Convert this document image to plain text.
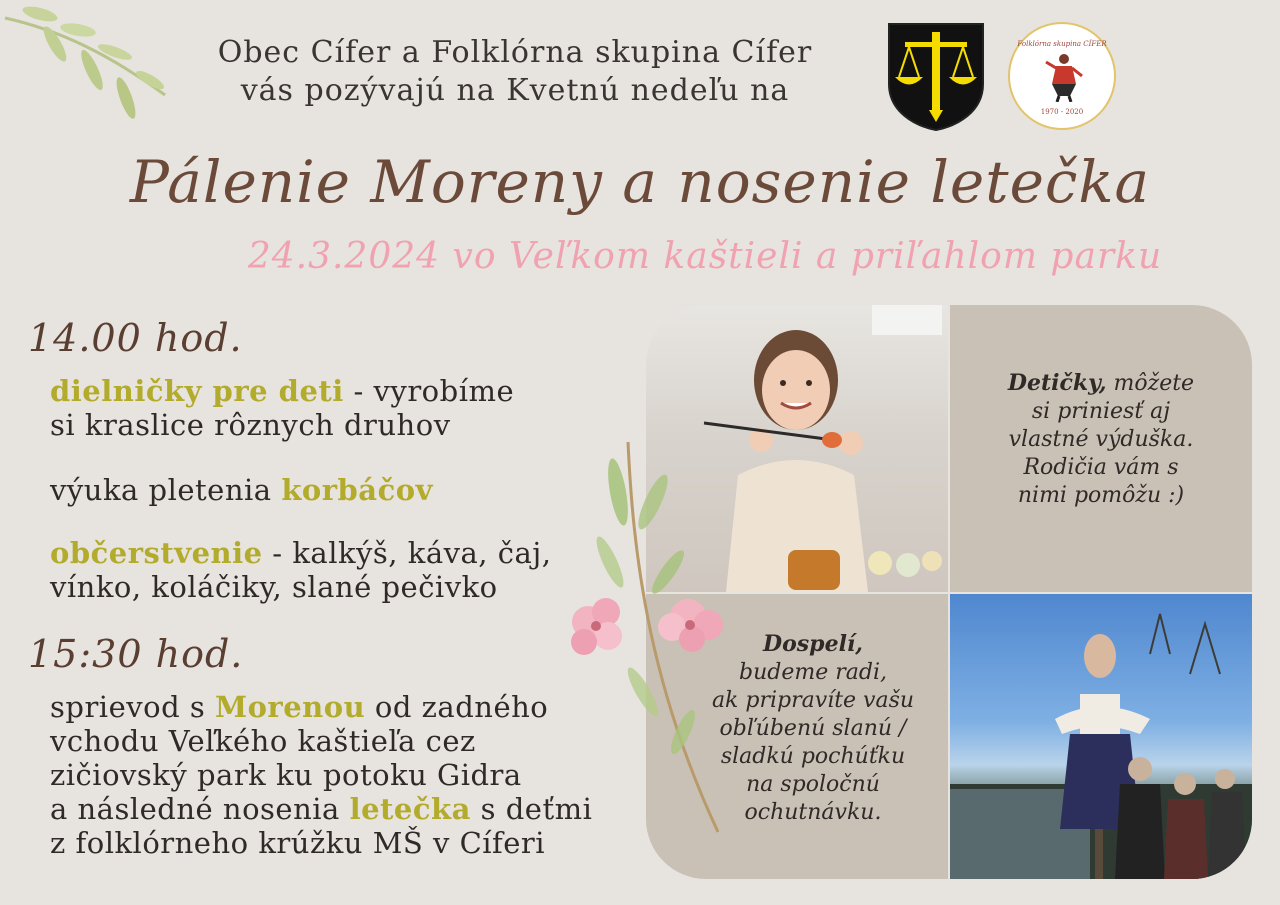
Obec Cífer a Folklórna skupina Cífer
vás pozývajú na Kvetnú nedeľu na
Folklórna skupina CÍFER
1970 - 2020
Pálenie Moreny a nosenie letečka
24.3.2024 vo Veľkom kaštieli a priľahlom parku
14.00 hod.
dielničky pre deti - vyrobíme
si kraslice rôznych druhov
výuka pletenia korbáčov
občerstvenie - kalkýš, káva, čaj,
vínko, koláčiky, slané pečivko
15:30 hod.
sprievod s Morenou od zadného
vchodu Veľkého kaštieľa cez
zičiovský park ku potoku Gidra
a následné nosenia letečka s deťmi
z folklórneho krúžku MŠ v Cíferi
Detičky, môžete
si priniesť aj
vlastné výduška.
Rodičia vám s
nimi pomôžu :)
Dospelí,
budeme radi,
ak pripravíte vašu
obľúbenú slanú /
sladkú pochúťku
na spoločnú
ochutnávku.
